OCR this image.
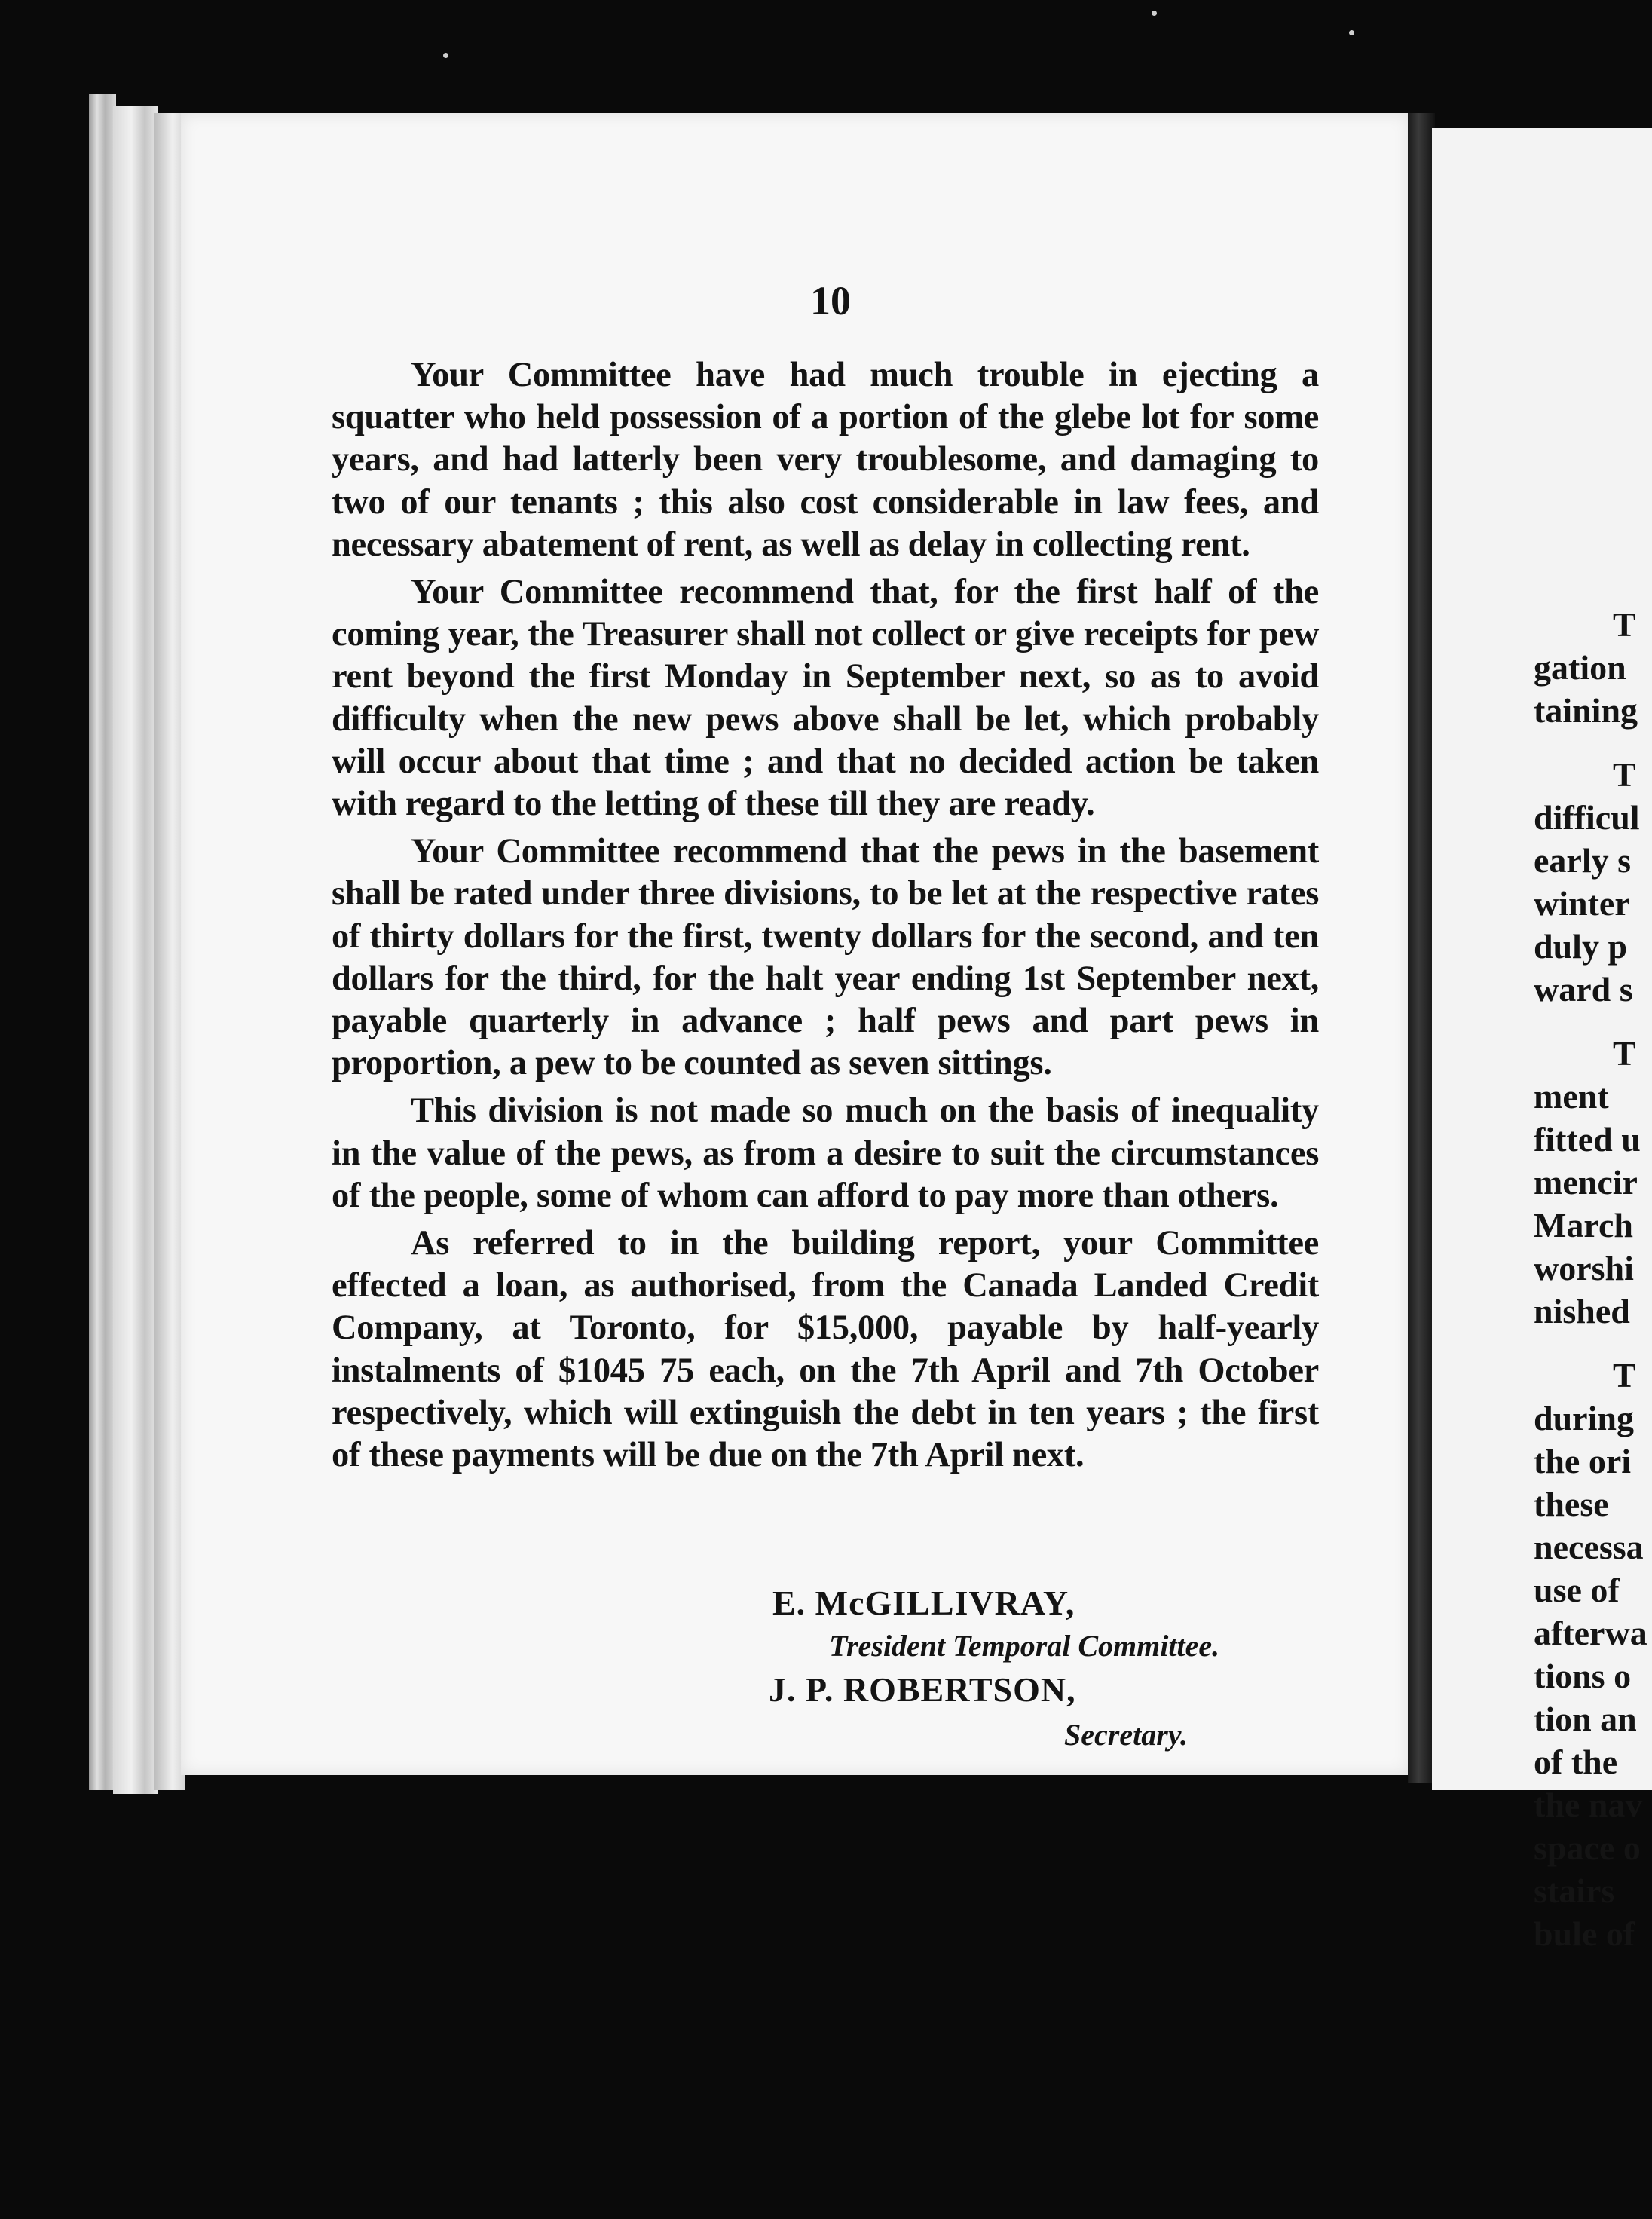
T
gation
taining
T
difficul
early s
winter
duly p
ward s
T
ment
fitted u
mencir
March
worshi
nished
T
during
the ori
these
necessa
use of
afterwa
tions o
tion an
of the
the nav
space o
stairs
bule of
10

Your Committee have had much trouble in ejecting a squatter who held possession of a portion of the glebe lot for some years, and had latterly been very troublesome, and damaging to two of our tenants ; this also cost considerable in law fees, and necessary abatement of rent, as well as delay in collecting rent.

Your Committee recommend that, for the first half of the coming year, the Treasurer shall not collect or give receipts for pew rent beyond the first Monday in September next, so as to avoid difficulty when the new pews above shall be let, which probably will occur about that time ; and that no decided action be taken with regard to the letting of these till they are ready.

Your Committee recommend that the pews in the basement shall be rated under three divisions, to be let at the respective rates of thirty dollars for the first, twenty dollars for the second, and ten dollars for the third, for the halt year ending 1st September next, payable quarterly in advance ; half pews and part pews in proportion, a pew to be counted as seven sittings.

This division is not made so much on the basis of inequality in the value of the pews, as from a desire to suit the circumstances of the people, some of whom can afford to pay more than others.

As referred to in the building report, your Committee effected a loan, as authorised, from the Canada Landed Credit Company, at Toronto, for $15,000, payable by half-yearly instalments of $1045 75 each, on the 7th April and 7th October respectively, which will extinguish the debt in ten years ; the first of these payments will be due on the 7th April next.

E. McGILLIVRAY,
Tresident Temporal Committee.
J. P. ROBERTSON,
Secretary.
